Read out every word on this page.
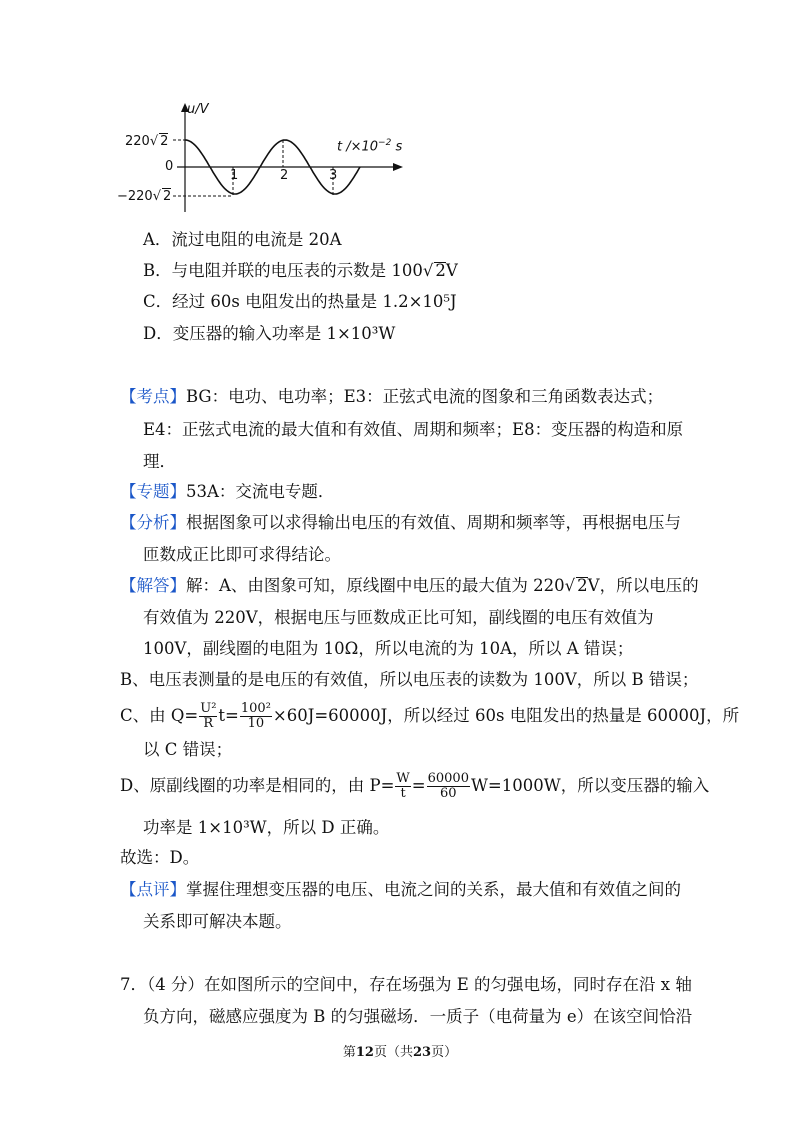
u/V
220√ 2
0
−220√ 2
1	2	3
t $/\times 10^{-2}$ s
A．流过电阻的电流是 20A
B．与电阻并联的电压表的示数是 100√ 2V
C．经过 60s 电阻发出的热量是 1.2×10⁵J
D．变压器的输入功率是 1×10³W
【考点】BG：电功、电功率；E3：正弦式电流的图象和三角函数表达式；
E4：正弦式电流的最大值和有效值、周期和频率；E8：变压器的构造和原
理．
【专题】53A：交流电专题．
【分析】根据图象可以求得输出电压的有效值、周期和频率等，再根据电压与
匝数成正比即可求得结论。
【解答】解：A、由图象可知，原线圈中电压的最大值为 220√ 2V，所以电压的
有效值为 220V，根据电压与匝数成正比可知，副线圈的电压有效值为
100V，副线圈的电阻为 10Ω，所以电流的为 10A，所以 A 错误；
B、电压表测量的是电压的有效值，所以电压表的读数为 100V，所以 B 错误；
C、由 $Q= \frac{\text{U²}}{R} t= \frac{\text{100²}}{10} \times 60J=60000J$，所以经过 60s 电阻发出的热量是 60000J，所
以 C 错误；
D、原副线圈的功率是相同的，由 $P= \frac{W}{t} = \frac{60000}{60} W=1000W$，所以变压器的输入
功率是 1×10³W，所以 D 正确。
故选：D。
【点评】掌握住理想变压器的电压、电流之间的关系，最大值和有效值之间的
关系即可解决本题。
7．（4 分）在如图所示的空间中，存在场强为 E 的匀强电场，同时存在沿 x 轴
负方向，磁感应强度为 B 的匀强磁场．一质子（电荷量为 e）在该空间恰沿
第12页（共23页）
